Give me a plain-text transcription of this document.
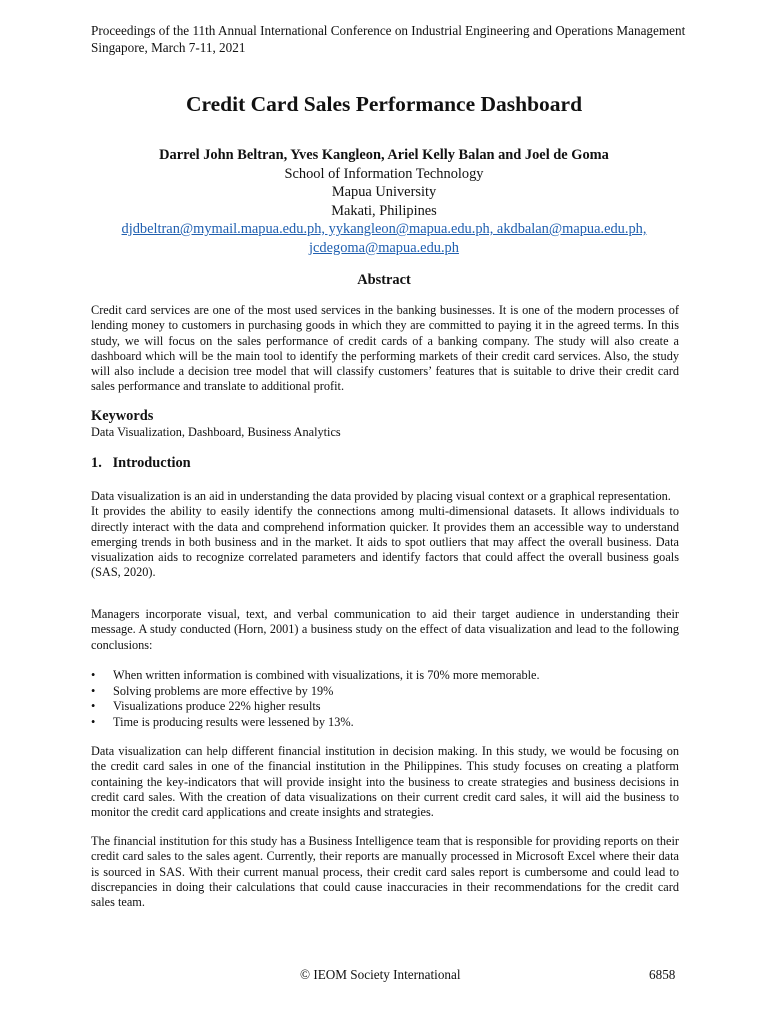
Proceedings of the 11th Annual International Conference on Industrial Engineering and Operations Management
Singapore, March 7-11, 2021
Credit Card Sales Performance Dashboard
Darrel John Beltran, Yves Kangleon, Ariel Kelly Balan and Joel de Goma
School of Information Technology
Mapua University
Makati, Philipines
djdbeltran@mymail.mapua.edu.ph, yykangleon@mapua.edu.ph, akdbalan@mapua.edu.ph,
jcdegoma@mapua.edu.ph
Abstract

Credit card services are one of the most used services in the banking businesses. It is one of the modern processes of lending money to customers in purchasing goods in which they are committed to paying it in the agreed terms. In this study, we will focus on the sales performance of credit cards of a banking company. The study will also create a dashboard which will be the main tool to identify the performing markets of their credit card services. Also, the study will also include a decision tree model that will classify customers’ features that is suitable to drive their credit card sales performance and translate to additional profit.

Keywords

Data Visualization, Dashboard, Business Analytics

1.   Introduction

Data visualization is an aid in understanding the data provided by placing visual context or a graphical representation.

It provides the ability to easily identify the connections among multi-dimensional datasets. It allows individuals to directly interact with the data and comprehend information quicker. It provides them an accessible way to understand emerging trends in both business and in the market. It aids to spot outliers that may affect the overall business. Data visualization aids to recognize correlated parameters and identify factors that could affect the overall business goals (SAS, 2020).

Managers incorporate visual, text, and verbal communication to aid their target audience in understanding their message. A study conducted (Horn, 2001) a business study on the effect of data visualization and lead to the following conclusions:

• When written information is combined with visualizations, it is 70% more memorable.
• Solving problems are more effective by 19%
• Visualizations produce 22% higher results
• Time is producing results were lessened by 13%.

Data visualization can help different financial institution in decision making. In this study, we would be focusing on the credit card sales in one of the financial institution in the Philippines. This study focuses on creating a platform containing the key-indicators that will provide insight into the business to create strategies and business decisions in credit card sales. With the creation of data visualizations on their current credit card sales, it will aid the business to monitor the credit card applications and create insights and strategies.

The financial institution for this study has a Business Intelligence team that is responsible for providing reports on their credit card sales to the sales agent. Currently, their reports are manually processed in Microsoft Excel where their data is sourced in SAS. With their current manual process, their credit card sales report is cumbersome and could lead to discrepancies in doing their calculations that could cause inaccuracies in their recommendations for the credit card sales team.

© IEOM Society International	6858
